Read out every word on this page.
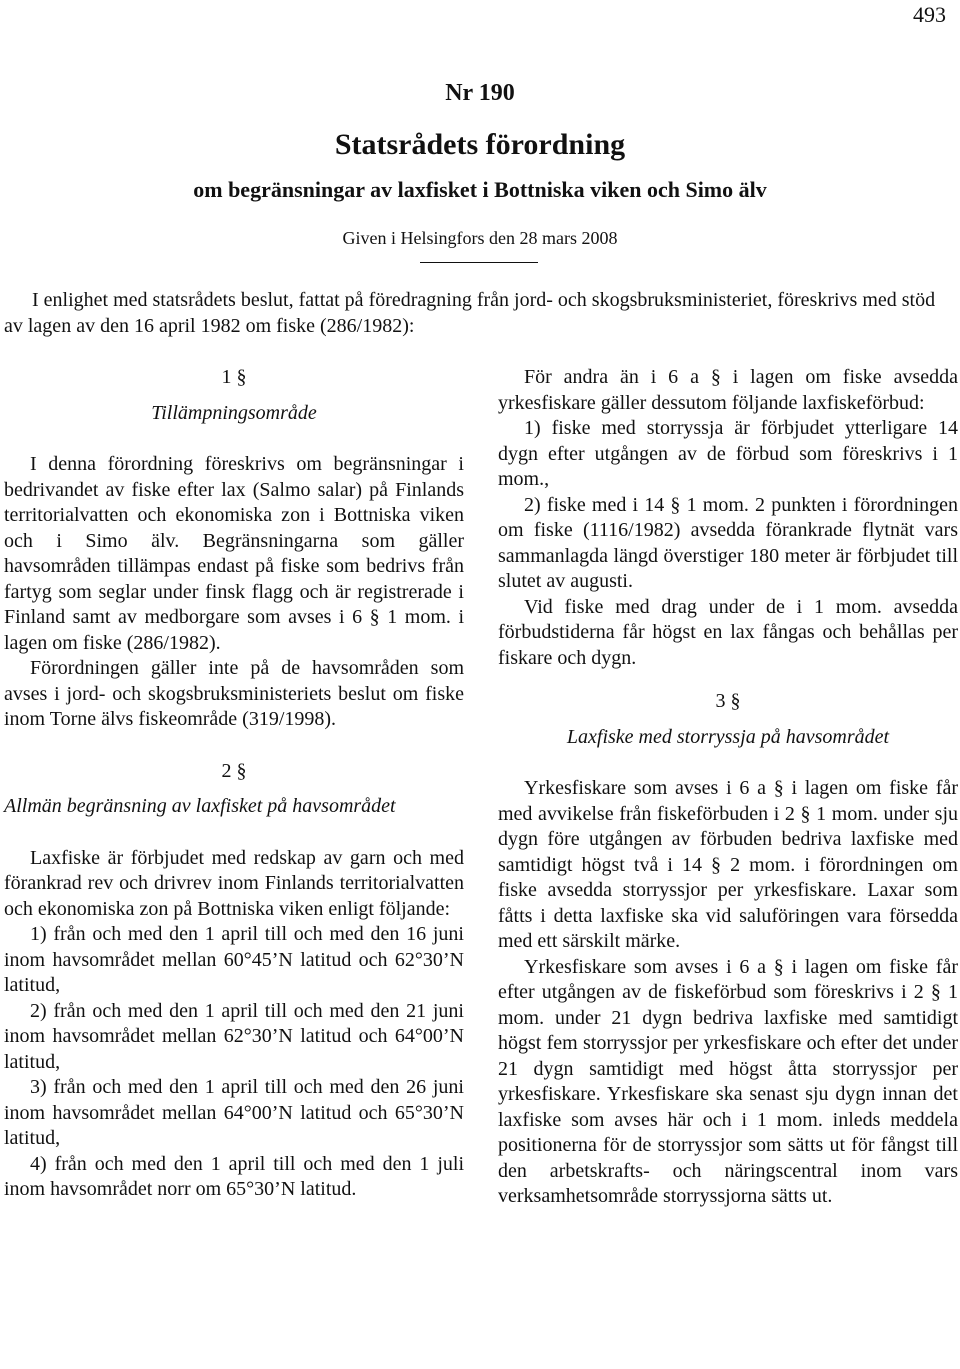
493
Nr 190
Statsrådets förordning
om begränsningar av laxfisket i Bottniska viken och Simo älv
Given i Helsingfors den 28 mars 2008
I enlighet med statsrådets beslut, fattat på föredragning från jord- och skogsbruksministeriet, föreskrivs med stöd av lagen av den 16 april 1982 om fiske (286/1982):
1 §
Tillämpningsområde

I denna förordning föreskrivs om begränsningar i bedrivandet av fiske efter lax (Salmo salar) på Finlands territorialvatten och ekonomiska zon i Bottniska viken och i Simo älv. Begränsningarna som gäller havsområden tillämpas endast på fiske som bedrivs från fartyg som seglar under finsk flagg och är registrerade i Finland samt av medborgare som avses i 6 § 1 mom. i lagen om fiske (286/1982).

Förordningen gäller inte på de havsområden som avses i jord- och skogsbruksministeriets beslut om fiske inom Torne älvs fiskeområde (319/1998).

2 §
Allmän begränsning av laxfisket på havsområdet

Laxfiske är förbjudet med redskap av garn och med förankrad rev och drivrev inom Finlands territorialvatten och ekonomiska zon på Bottniska viken enligt följande:

1) från och med den 1 april till och med den 16 juni inom havsområdet mellan 60°45’N latitud och 62°30’N latitud,

2) från och med den 1 april till och med den 21 juni inom havsområdet mellan 62°30’N latitud och 64°00’N latitud,

3) från och med den 1 april till och med den 26 juni inom havsområdet mellan 64°00’N latitud och 65°30’N latitud,

4) från och med den 1 april till och med den 1 juli inom havsområdet norr om 65°30’N latitud.

För andra än i 6 a § i lagen om fiske avsedda yrkesfiskare gäller dessutom följande laxfiskeförbud:

1) fiske med storryssja är förbjudet ytterligare 14 dygn efter utgången av de förbud som föreskrivs i 1 mom.,

2) fiske med i 14 § 1 mom. 2 punkten i förordningen om fiske (1116/1982) avsedda förankrade flytnät vars sammanlagda längd överstiger 180 meter är förbjudet till slutet av augusti.

Vid fiske med drag under de i 1 mom. avsedda förbudstiderna får högst en lax fångas och behållas per fiskare och dygn.

3 §
Laxfiske med storryssja på havsområdet

Yrkesfiskare som avses i 6 a § i lagen om fiske får med avvikelse från fiskeförbuden i 2 § 1 mom. under sju dygn före utgången av förbuden bedriva laxfiske med samtidigt högst två i 14 § 2 mom. i förordningen om fiske avsedda storryssjor per yrkesfiskare. Laxar som fåtts i detta laxfiske ska vid saluföringen vara försedda med ett särskilt märke.

Yrkesfiskare som avses i 6 a § i lagen om fiske får efter utgången av de fiskeförbud som föreskrivs i 2 § 1 mom. under 21 dygn bedriva laxfiske med samtidigt högst fem storryssjor per yrkesfiskare och efter det under 21 dygn samtidigt med högst åtta storryssjor per yrkesfiskare. Yrkesfiskare ska senast sju dygn innan det laxfiske som avses här och i 1 mom. inleds meddela positionerna för de storryssjor som sätts ut för fångst till den arbetskrafts- och näringscentral inom vars verksamhetsområde storryssjorna sätts ut.
